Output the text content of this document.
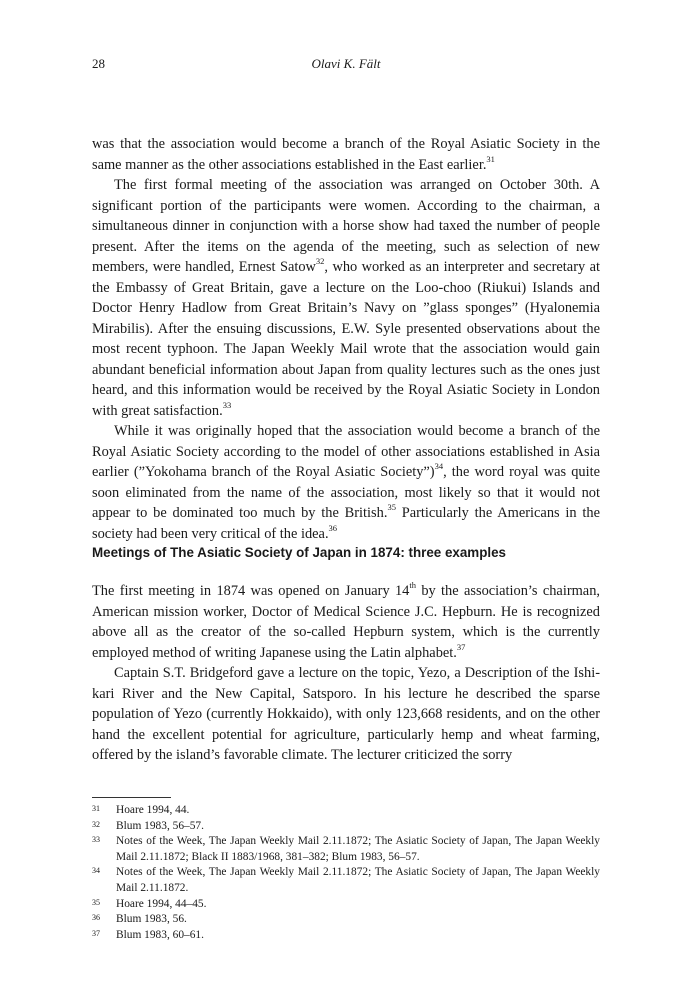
28	Olavi K. Fält

was that the association would become a branch of the Royal Asiatic Society in the same manner as the other associations established in the East earlier.$^{31}$

The first formal meeting of the association was arranged on October 30th. A significant portion of the participants were women. According to the chairman, a simultaneous dinner in conjunction with a horse show had taxed the number of people present. After the items on the agenda of the meeting, such as selection of new members, were handled, Ernest Satow$^{32}$, who worked as an interpreter and secretary at the Embassy of Great Britain, gave a lecture on the Loo-choo (Riukui) Islands and Doctor Henry Hadlow from Great Britain’s Navy on ”glass sponges” (Hyalonemia Mirabilis). After the ensuing discussions, E.W. Syle presented observations about the most recent typhoon. The Japan Weekly Mail wrote that the association would gain abundant beneficial information about Japan from quality lectures such as the ones just heard, and this information would be received by the Royal Asiatic Society in London with great satisfaction.$^{33}$

While it was originally hoped that the association would become a branch of the Royal Asiatic Society according to the model of other associations established in Asia earlier (”Yokohama branch of the Royal Asiatic Society”)$^{34}$, the word royal was quite soon eliminated from the name of the association, most likely so that it would not appear to be dominated too much by the British.$^{35}$ Particularly the Americans in the society had been very critical of the idea.$^{36}$

Meetings of The Asiatic Society of Japan in 1874: three examples

The first meeting in 1874 was opened on January 14th by the association’s chairman, American mission worker, Doctor of Medical Science J.C. Hepburn. He is recognized above all as the creator of the so-called Hepburn system, which is the currently employed method of writing Japanese using the Latin alphabet.$^{37}$

Captain S.T. Bridgeford gave a lecture on the topic, Yezo, a Description of the Ishi-kari River and the New Capital, Satsporo. In his lecture he described the sparse population of Yezo (currently Hokkaido), with only 123,668 residents, and on the other hand the excellent potential for agriculture, particularly hemp and wheat farming, offered by the island’s favorable climate. The lecturer criticized the sorry

31 Hoare 1994, 44.
32 Blum 1983, 56–57.
33 Notes of the Week, The Japan Weekly Mail 2.11.1872; The Asiatic Society of Japan, The Japan Weekly Mail 2.11.1872; Black II 1883/1968, 381–382; Blum 1983, 56–57.
34 Notes of the Week, The Japan Weekly Mail 2.11.1872; The Asiatic Society of Japan, The Japan Weekly Mail 2.11.1872.
35 Hoare 1994, 44–45.
36 Blum 1983, 56.
37 Blum 1983, 60–61.
